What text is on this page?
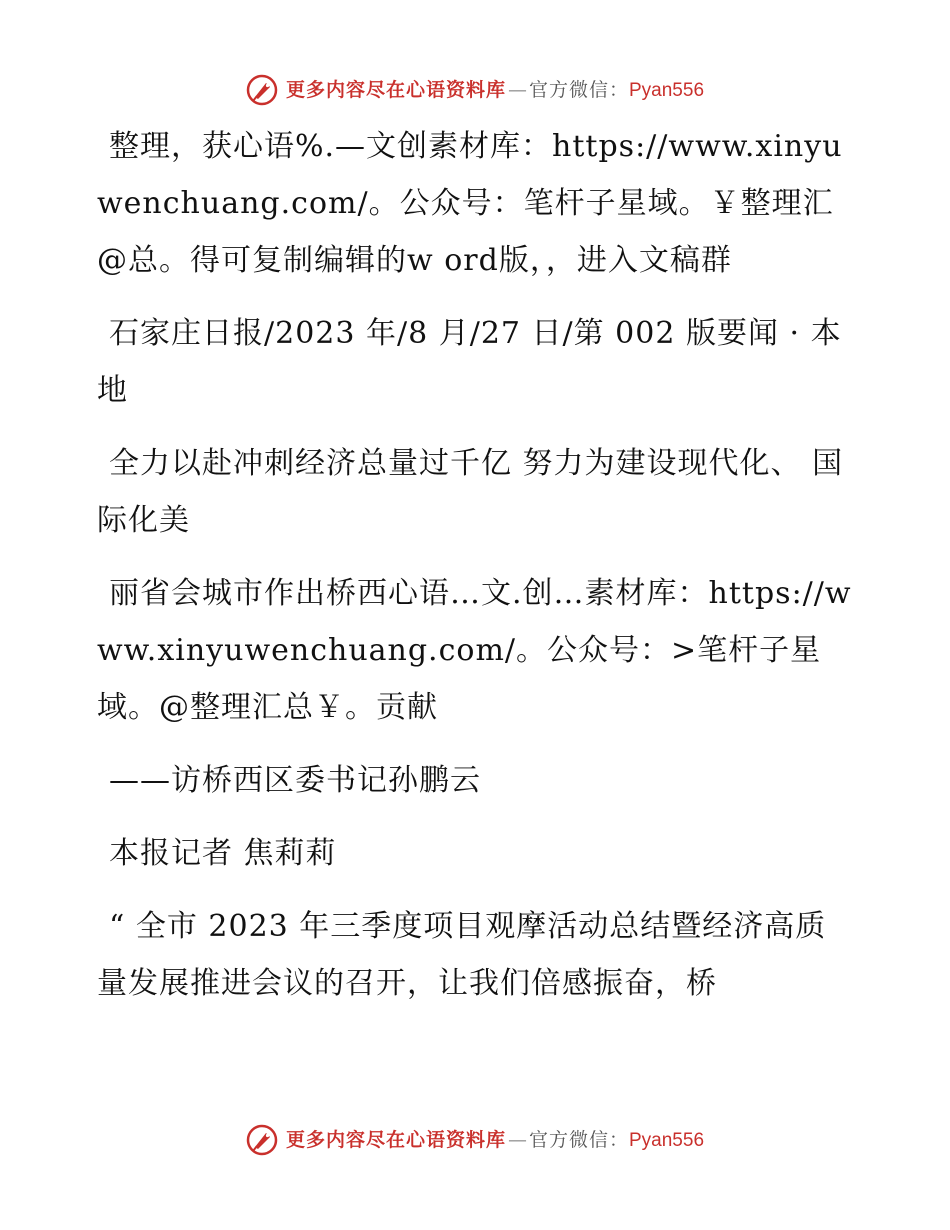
更多内容尽在心语资料库 — 官方微信： Pyan556

整理，获心语%.—文创素材库：https://www.xinyuwenchuang.com/。公众号：笔杆子星域。￥整理汇@总。得可复制编辑的w ord版，，进入文稿群

石家庄日报/2023 年/8 月/27 日/第 002 版要闻 · 本地

全力以赴冲刺经济总量过千亿 努力为建设现代化、 国际化美

丽省会城市作出桥西心语…文.创…素材库：https://www.xinyuwenchuang.com/。公众号：>笔杆子星域。@整理汇总￥。贡献

——访桥西区委书记孙鹏云

本报记者 焦莉莉

“ 全市 2023 年三季度项目观摩活动总结暨经济高质量发展推进会议的召开，让我们倍感振奋，桥

更多内容尽在心语资料库 — 官方微信： Pyan556
